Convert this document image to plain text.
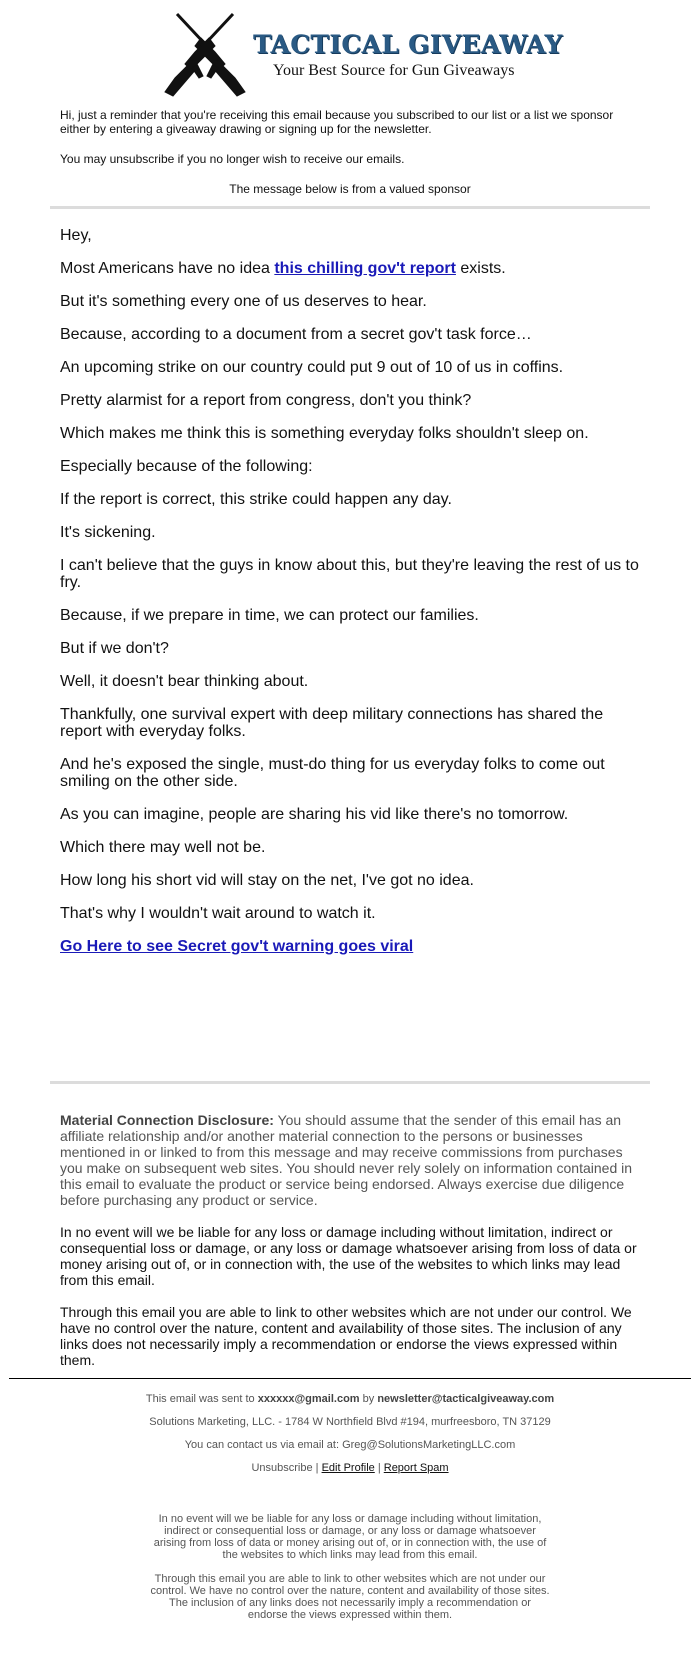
TACTICAL GIVEAWAY
Your Best Source for Gun Giveaways

Hi, just a reminder that you're receiving this email because you subscribed to our list or a list we sponsor either by entering a giveaway drawing or signing up for the newsletter.

You may unsubscribe if you no longer wish to receive our emails.

The message below is from a valued sponsor

Hey,

Most Americans have no idea this chilling gov't report exists.

But it's something every one of us deserves to hear.

Because, according to a document from a secret gov't task force…

An upcoming strike on our country could put 9 out of 10 of us in coffins.

Pretty alarmist for a report from congress, don't you think?

Which makes me think this is something everyday folks shouldn't sleep on.

Especially because of the following:

If the report is correct, this strike could happen any day.

It's sickening.

I can't believe that the guys in know about this, but they're leaving the rest of us to fry.

Because, if we prepare in time, we can protect our families.

But if we don't?

Well, it doesn't bear thinking about.

Thankfully, one survival expert with deep military connections has shared the report with everyday folks.

And he's exposed the single, must-do thing for us everyday folks to come out smiling on the other side.

As you can imagine, people are sharing his vid like there's no tomorrow.

Which there may well not be.

How long his short vid will stay on the net, I've got no idea.

That's why I wouldn't wait around to watch it.

Go Here to see Secret gov't warning goes viral

Material Connection Disclosure: You should assume that the sender of this email has an affiliate relationship and/or another material connection to the persons or businesses mentioned in or linked to from this message and may receive commissions from purchases you make on subsequent web sites. You should never rely solely on information contained in this email to evaluate the product or service being endorsed. Always exercise due diligence before purchasing any product or service.

In no event will we be liable for any loss or damage including without limitation, indirect or consequential loss or damage, or any loss or damage whatsoever arising from loss of data or money arising out of, or in connection with, the use of the websites to which links may lead from this email.

Through this email you are able to link to other websites which are not under our control. We have no control over the nature, content and availability of those sites. The inclusion of any links does not necessarily imply a recommendation or endorse the views expressed within them.

This email was sent to xxxxxx@gmail.com by newsletter@tacticalgiveaway.com

Solutions Marketing, LLC. - 1784 W Northfield Blvd #194, murfreesboro, TN 37129

You can contact us via email at: Greg@SolutionsMarketingLLC.com

Unsubscribe | Edit Profile | Report Spam

In no event will we be liable for any loss or damage including without limitation, indirect or consequential loss or damage, or any loss or damage whatsoever arising from loss of data or money arising out of, or in connection with, the use of the websites to which links may lead from this email.

Through this email you are able to link to other websites which are not under our control. We have no control over the nature, content and availability of those sites. The inclusion of any links does not necessarily imply a recommendation or endorse the views expressed within them.
